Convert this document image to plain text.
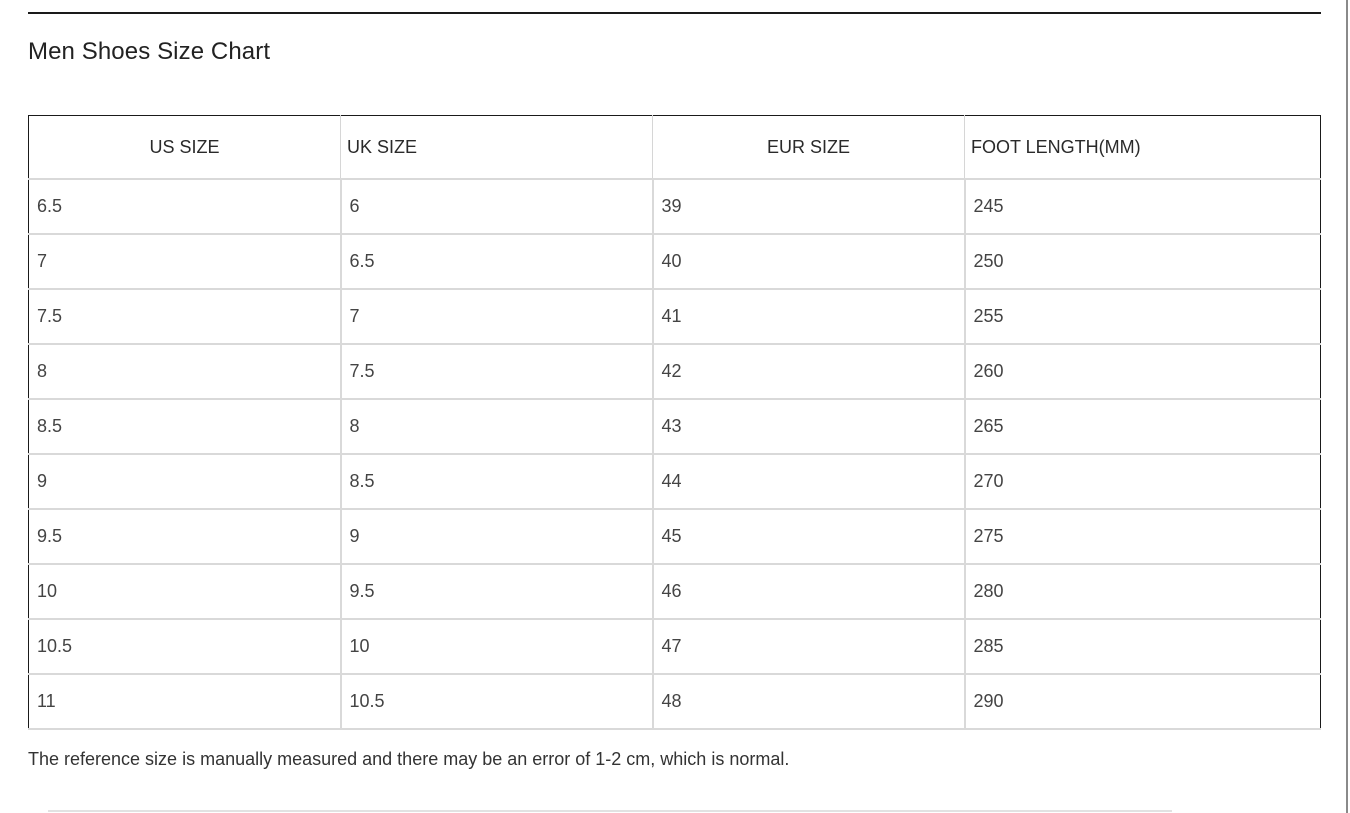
Men Shoes Size Chart
US SIZE	UK SIZE	EUR SIZE	FOOT LENGTH(MM)
6.5	6	39	245
7	6.5	40	250
7.5	7	41	255
8	7.5	42	260
8.5	8	43	265
9	8.5	44	270
9.5	9	45	275
10	9.5	46	280
10.5	10	47	285
11	10.5	48	290
The reference size is manually measured and there may be an error of 1-2 cm, which is normal.
